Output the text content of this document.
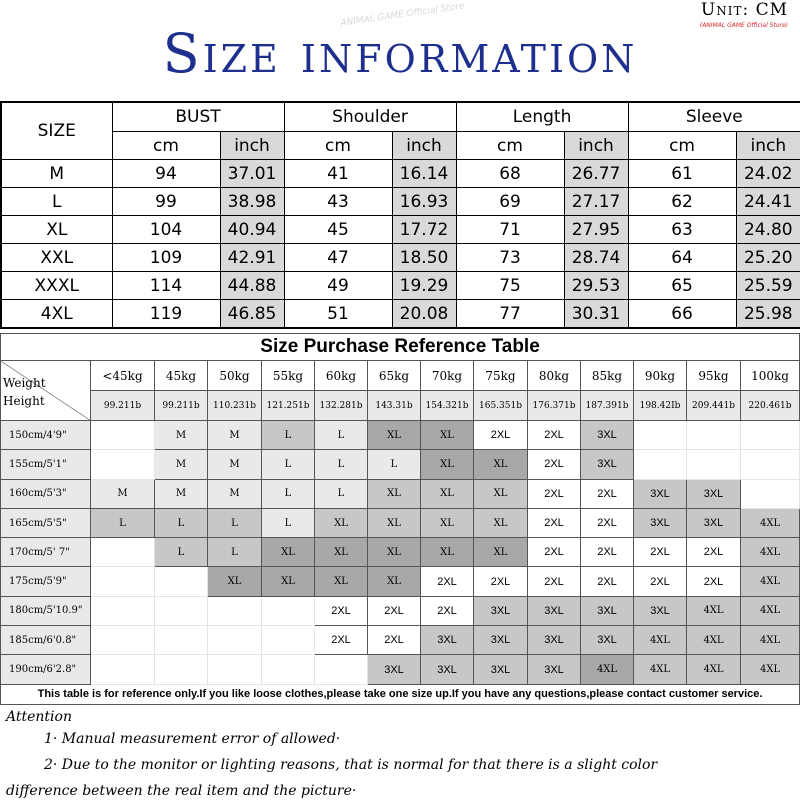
Size information
ANIMAL GAME Official Store	Unit: CM
(ANIMAL GAME Official Store)
SIZE	BUST		Shoulder		Length		Sleeve	
	cm	inch	cm	inch	cm	inch	cm	inch
M	94	37.01	41	16.14	68	26.77	61	24.02
L	99	38.98	43	16.93	69	27.17	62	24.41
XL	104	40.94	45	17.72	71	27.95	63	24.80
XXL	109	42.91	47	18.50	73	28.74	64	25.20
XXXL	114	44.88	49	19.29	75	29.53	65	25.59
4XL	119	46.85	51	20.08	77	30.31	66	25.98
Size Purchase Reference Table													

Weight
Height	<45kg	45kg	50kg	55kg	60kg	65kg	70kg	75kg	80kg	85kg	90kg	95kg	100kg
	99.211b	99.211b	110.231b	121.251b	132.281b	143.31b	154.321b	165.351b	176.371b	187.391b	198.42Ib	209.441b	220.461b
150cm/4'9"		M	M	L	L	XL	XL	2XL	2XL	3XL			
155cm/5'1"		M	M	L	L	L	XL	XL	2XL	3XL			
160cm/5'3"	M	M	M	L	L	XL	XL	XL	2XL	2XL	3XL	3XL	
165cm/5'5"	L	L	L	L	XL	XL	XL	XL	2XL	2XL	3XL	3XL	4XL
170cm/5' 7"		L	L	XL	XL	XL	XL	XL	2XL	2XL	2XL	2XL	4XL
175cm/5'9"			XL	XL	XL	XL	2XL	2XL	2XL	2XL	2XL	2XL	4XL
180cm/5'10.9"					2XL	2XL	2XL	3XL	3XL	3XL	3XL	4XL	4XL
185cm/6'0.8"					2XL	2XL	3XL	3XL	3XL	3XL	4XL	4XL	4XL
190cm/6'2.8"						3XL	3XL	3XL	3XL	4XL	4XL	4XL	4XL
This table is for reference only.If you like loose clothes,please take one size up.If you have any questions,please contact customer service.													
Attention
1· Manual measurement error of allowed·
2· Due to the monitor or lighting reasons, that is normal for that there is a slight color
difference between the real item and the picture·
